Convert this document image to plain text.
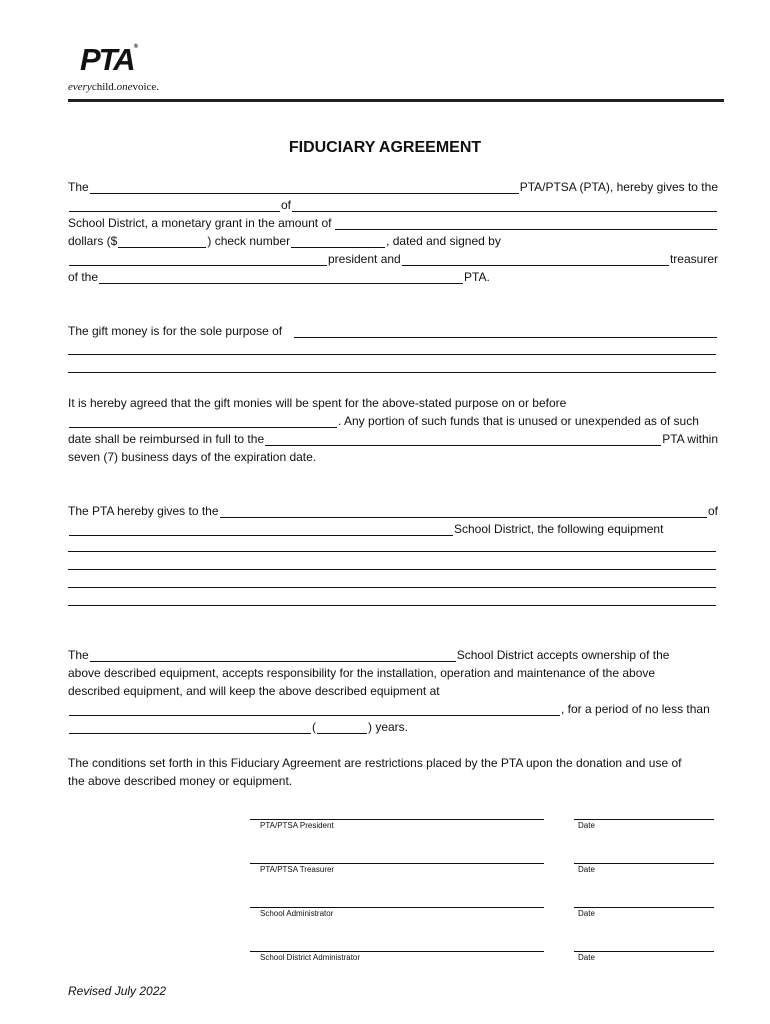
PTA®
everychild.onevoice.
FIDUCIARY AGREEMENT
The	PTA/PTSA (PTA), hereby gives to the
of
School District, a monetary grant in the amount of
dollars ($	) check number	, dated and signed by
president and	treasurer
of the	PTA.
The gift money is for the sole purpose of
It is hereby agreed that the gift monies will be spent for the above-stated purpose on or before
. Any portion of such funds that is unused or unexpended as of such
date shall be reimbursed in full to the	PTA within
seven (7) business days of the expiration date.
The PTA hereby gives to the	of
School District, the following equipment
The	School District accepts ownership of the
above described equipment, accepts responsibility for the installation, operation and maintenance of the above
described equipment, and will keep the above described equipment at
, for a period of no less than
(	) years.
The conditions set forth in this Fiduciary Agreement are restrictions placed by the PTA upon the donation and use of
the above described money or equipment.
PTA/PTSA President	Date
PTA/PTSA Treasurer	Date
School Administrator	Date
School District Administrator	Date
Revised July 2022
